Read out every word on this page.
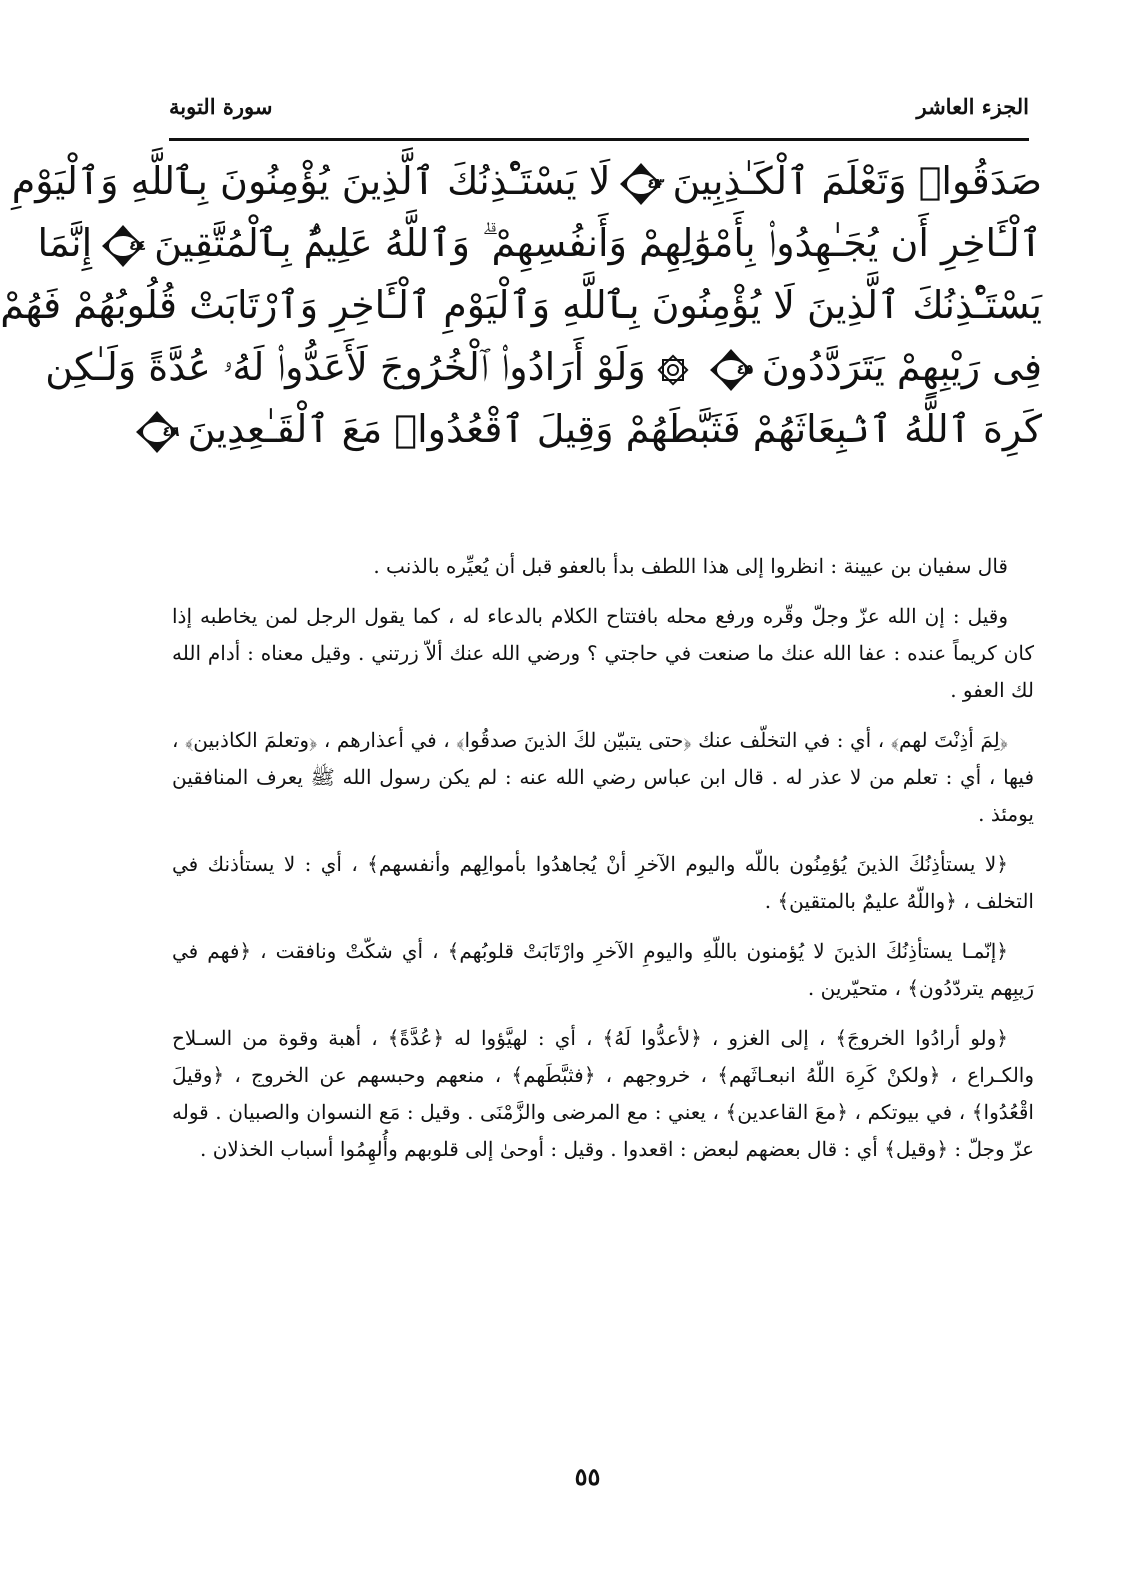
الجزء العاشر
سورة التوبة
صَدَقُوا۟ وَتَعْلَمَ ٱلْكَـٰذِبِينَ
٤٣
لَا يَسْتَـْٔذِنُكَ ٱلَّذِينَ يُؤْمِنُونَ بِٱللَّهِ وَٱلْيَوْمِ
ٱلْـَٔاخِرِ أَن يُجَـٰهِدُوا۟ بِأَمْوَٰلِهِمْ وَأَنفُسِهِمْ ۗ وَٱللَّهُ عَلِيمٌۢ بِٱلْمُتَّقِينَ
٤٤
إِنَّمَا
يَسْتَـْٔذِنُكَ ٱلَّذِينَ لَا يُؤْمِنُونَ بِٱللَّهِ وَٱلْيَوْمِ ٱلْـَٔاخِرِ وَٱرْتَابَتْ قُلُوبُهُمْ فَهُمْ
فِى رَيْبِهِمْ يَتَرَدَّدُونَ
٤٥
وَلَوْ أَرَادُوا۟ ٱلْخُرُوجَ لَأَعَدُّوا۟ لَهُۥ عُدَّةً وَلَـٰكِن
كَرِهَ ٱللَّهُ ٱنۢبِعَاثَهُمْ فَثَبَّطَهُمْ وَقِيلَ ٱقْعُدُوا۟ مَعَ ٱلْقَـٰعِدِينَ
٤٦

قال سفيان بن عيينة : انظروا إلى هذا اللطف بدأ بالعفو قبل أن يُعيِّره بالذنب .

وقيل : إن الله عزّ وجلّ وقّره ورفع محله بافتتاح الكلام بالدعاء له ، كما يقول الرجل لمن يخاطبه إذا كان كريماً عنده : عفا الله عنك ما صنعت في حاجتي ؟ ورضي الله عنك ألاّ زرتني . وقيل معناه : أدام الله لك العفو .

﴿لِمَ أذِنْتَ لهم﴾ ، أي : في التخلّف عنك ﴿حتى يتبيّن لكَ الذينَ صدقُوا﴾ ، في أعذارهم ، ﴿وتعلمَ الكاذبين﴾ ، فيها ، أي : تعلم من لا عذر له . قال ابن عباس رضي الله عنه : لم يكن رسول الله ﷺ يعرف المنافقين يومئذ .

﴿لا يستأذِنُكَ الذينَ يُؤمِنُون باللّه واليوم الآخرِ أنْ يُجاهدُوا بأموالِهم وأنفسهم﴾ ، أي : لا يستأذنك في التخلف ، ﴿واللّهُ عليمٌ بالمتقين﴾ .

﴿إنّمـا يستأذِنُكَ الذينَ لا يُؤمنون باللّهِ واليومِ الآخرِ وارْتَابَتْ قلوبُهم﴾ ، أي شكّتْ ونافقت ، ﴿فهم في رَيبِهم يتردّدُون﴾ ، متحيّرين .

﴿ولو أرادُوا الخروجَ﴾ ، إلى الغزو ، ﴿لأعدُّوا لَهُ﴾ ، أي : لهيَّؤوا له ﴿عُدَّةً﴾ ، أهبة وقوة من السـلاح والكـراع ، ﴿ولكنْ كَرِهَ اللّهُ انبعـاثَهم﴾ ، خروجهم ، ﴿فثبَّطَهم﴾ ، منعهم وحبسهم عن الخروج ، ﴿وقيلَ اقْعُدُوا﴾ ، في بيوتكم ، ﴿معَ القاعدين﴾ ، يعني : مع المرضى والزَّمْنَى . وقيل : مَع النسوان والصبيان . قوله عزّ وجلّ : ﴿وقيل﴾ أي : قال بعضهم لبعض : اقعدوا . وقيل : أوحىٰ إلى قلوبهم وأُلهِمُوا أسباب الخذلان .

٥٥
